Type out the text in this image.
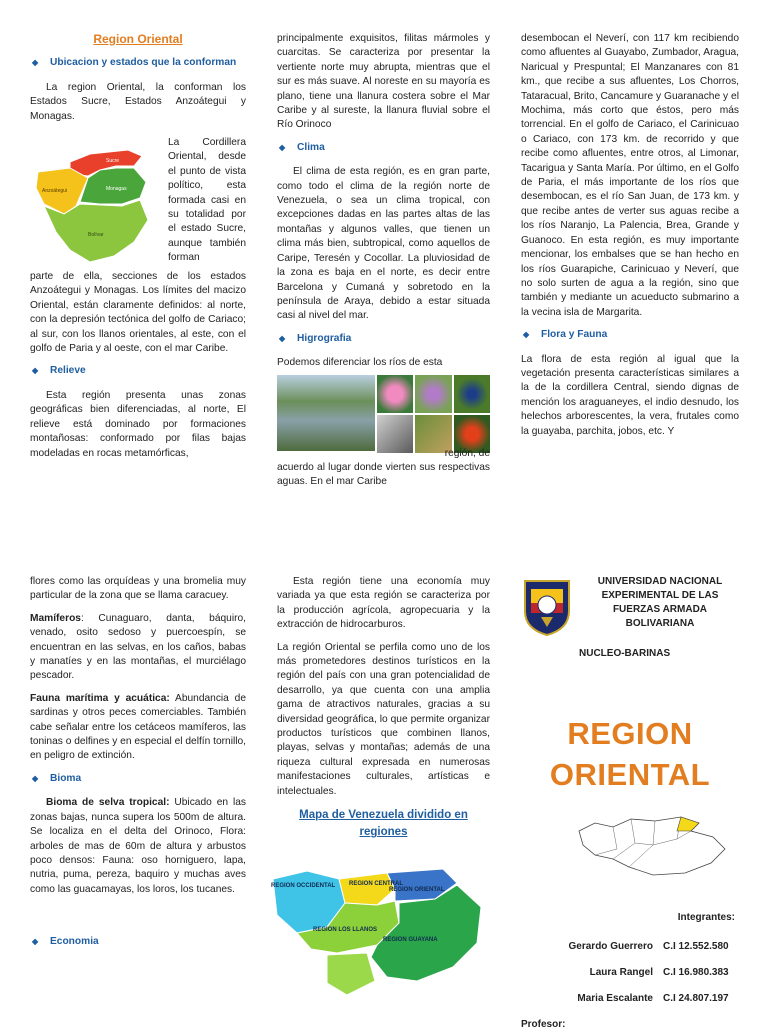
Region Oriental
◆	Ubicacion y estados que la conforman

La region Oriental, la conforman los Estados Sucre, Estados Anzoátegui y Monagas.

Sucre
Anzoátegui	Monagas
Bolívar

La Cordillera Oriental, desde el punto de vista político, esta formada casi en su totalidad por el estado Sucre, aunque también forman

parte de ella, secciones de los estados Anzoátegui y Monagas. Los límites del macizo Oriental, están claramente definidos: al norte, con la depresión tectónica del golfo de Cariaco; al sur, con los llanos orientales, al este, con el golfo de Paria y al oeste, con el mar Caribe.

◆	Relieve

Esta región presenta unas zonas geográficas bien diferenciadas, al norte, El relieve está dominado por formaciones montañosas: conformado por filas bajas modeladas en rocas metamórficas,

principalmente exquisitos, filitas mármoles y cuarcitas. Se caracteriza por presentar la vertiente norte muy abrupta, mientras que el sur es más suave. Al noreste en su mayoría es plano, tiene una llanura costera sobre el Mar Caribe y al sureste, la llanura fluvial sobre el Río Orinoco

◆	Clima

El clima de esta región, es en gran parte, como todo el clima de la región norte de Venezuela, o sea un clima tropical, con excepciones dadas en las partes altas de las montañas y algunos valles, que tienen un clima más bien, subtropical, como aquellos de Caripe, Teresén y Cocollar. La pluviosidad de la zona es baja en el norte, es decir entre Barcelona y Cumaná y sobretodo en la península de Araya, debido a estar situada casi al nivel del mar.

◆	Higrografia

Podemos diferenciar los ríos de esta

región, de

acuerdo al lugar donde vierten sus respectivas aguas. En el mar Caribe

desembocan el Neverí, con 117 km recibiendo como afluentes al Guayabo, Zumbador, Aragua, Naricual y Prespuntal; El Manzanares con 81 km., que recibe a sus afluentes, Los Chorros, Tataracual, Brito, Cancamure y Guaranache y el Mochima, más corto que éstos, pero más torrencial. En el golfo de Cariaco, el Carinicuao o Cariaco, con 173 km. de recorrido y que recibe como afluentes, entre otros, al Limonar, Tacarigua y Santa María. Por último, en el Golfo de Paria, el más importante de los ríos que desembocan, es el río San Juan, de 173 km. y que recibe antes de verter sus aguas recibe a los ríos Naranjo, La Palencia, Brea, Grande y Guanoco. En esta región, es muy importante mencionar, los embalses que se han hecho en los ríos Guarapiche, Carinicuao y Neverí, que no solo surten de agua a la región, sino que también y mediante un acueducto submarino a la vecina isla de Margarita.

◆	Flora y Fauna

La flora de esta región al igual que la vegetación presenta características similares a la de la cordillera Central, siendo dignas de mención los araguaneyes, el indio desnudo, los helechos arborescentes, la vera, frutales como la guayaba, parchita, jobos, etc. Y

flores como las orquídeas y una bromelia muy particular de la zona que se llama caracuey.

Mamíferos: Cunaguaro, danta, báquiro, venado, osito sedoso y puercoespín, se encuentran en las selvas, en los caños, babas y manatíes y en las montañas, el murciélago pescador.

Fauna marítima y acuática: Abundancia de sardinas y otros peces comerciables. También cabe señalar entre los cetáceos mamíferos, las toninas o delfines y en especial el delfín tornillo, en peligro de extinción.

◆	Bioma

Bioma de selva tropical: Ubicado en las zonas bajas, nunca supera los 500m de altura. Se localiza en el delta del Orinoco, Flora: arboles de mas de 60m de altura y arbustos poco densos: Fauna: oso horniguero, lapa, nutria, puma, pereza, baquiro y muchas aves como las guacamayas, los loros, los tucanes.

◆	Economia

Esta región tiene una economía muy variada ya que esta región se caracteriza por la producción agrícola, agropecuaria y la extracción de hidrocarburos.

La región Oriental se perfila como uno de los más prometedores destinos turísticos en la región del país con una gran potencialidad de desarrollo, ya que cuenta con una amplia gama de atractivos naturales, gracias a su diversidad geográfica, lo que permite organizar productos turísticos que combinen llanos, playas, selvas y montañas; además de una riqueza cultural expresada en numerosas manifestaciones culturales, artísticas e intelectuales.

Mapa de Venezuela dividido en regiones
REGION OCCIDENTAL REGION CENTRAL
REGION ORIENTAL
REGION LOS LLANOS
REGION GUAYANA
UNIVERSIDAD NACIONAL EXPERIMENTAL DE LAS FUERZAS ARMADA BOLIVARIANA
NUCLEO-BARINAS
REGION
ORIENTAL
Integrantes:
Gerardo Guerrero	C.I 12.552.580
Laura Rangel	C.I 16.980.383
Maria Escalante	C.I 24.807.197
Profesor:
